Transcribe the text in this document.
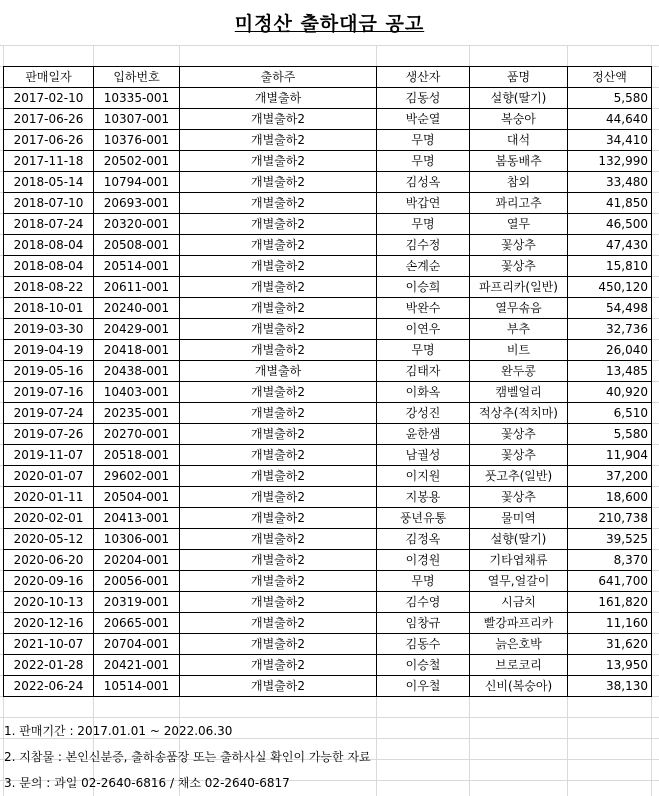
미정산 출하대금 공고
판매일자	입하번호	출하주	생산자	품명	정산액
2017-02-10	10335-001	개별출하	김동성	설향(딸기)	5,580
2017-06-26	10307-001	개별출하2	박순열	복숭아	44,640
2017-06-26	10376-001	개별출하2	무명	대석	34,410
2017-11-18	20502-001	개별출하2	무명	봄동배추	132,990
2018-05-14	10794-001	개별출하2	김성옥	참외	33,480
2018-07-10	20693-001	개별출하2	박갑연	꽈리고추	41,850
2018-07-24	20320-001	개별출하2	무명	열무	46,500
2018-08-04	20508-001	개별출하2	김수정	꽃상추	47,430
2018-08-04	20514-001	개별출하2	손계순	꽃상추	15,810
2018-08-22	20611-001	개별출하2	이승희	파프리카(일반)	450,120
2018-10-01	20240-001	개별출하2	박완수	열무솎음	54,498
2019-03-30	20429-001	개별출하2	이연우	부추	32,736
2019-04-19	20418-001	개별출하2	무명	비트	26,040
2019-05-16	20438-001	개별출하	김태자	완두콩	13,485
2019-07-16	10403-001	개별출하2	이화옥	캠벨얼리	40,920
2019-07-24	20235-001	개별출하2	강성진	적상추(적치마)	6,510
2019-07-26	20270-001	개별출하2	윤한샘	꽃상추	5,580
2019-11-07	20518-001	개별출하2	남궐성	꽃상추	11,904
2020-01-07	29602-001	개별출하2	이지원	풋고추(일반)	37,200
2020-01-11	20504-001	개별출하2	지봉용	꽃상추	18,600
2020-02-01	20413-001	개별출하2	풍년유통	물미역	210,738
2020-05-12	10306-001	개별출하2	김정옥	설향(딸기)	39,525
2020-06-20	20204-001	개별출하2	이경원	기타엽채류	8,370
2020-09-16	20056-001	개별출하2	무명	열무,얼갈이	641,700
2020-10-13	20319-001	개별출하2	김수영	시금치	161,820
2020-12-16	20665-001	개별출하2	임창규	빨강파프리카	11,160
2021-10-07	20704-001	개별출하2	김동수	늙은호박	31,620
2022-01-28	20421-001	개별출하2	이승철	브로코리	13,950
2022-06-24	10514-001	개별출하2	이우철	신비(복숭아)	38,130
1. 판매기간 : 2017.01.01 ~ 2022.06.30
2. 지참물 : 본인신분증, 출하송품장 또는 출하사실 확인이 가능한 자료
3. 문의 : 과일 02-2640-6816 / 채소 02-2640-6817
